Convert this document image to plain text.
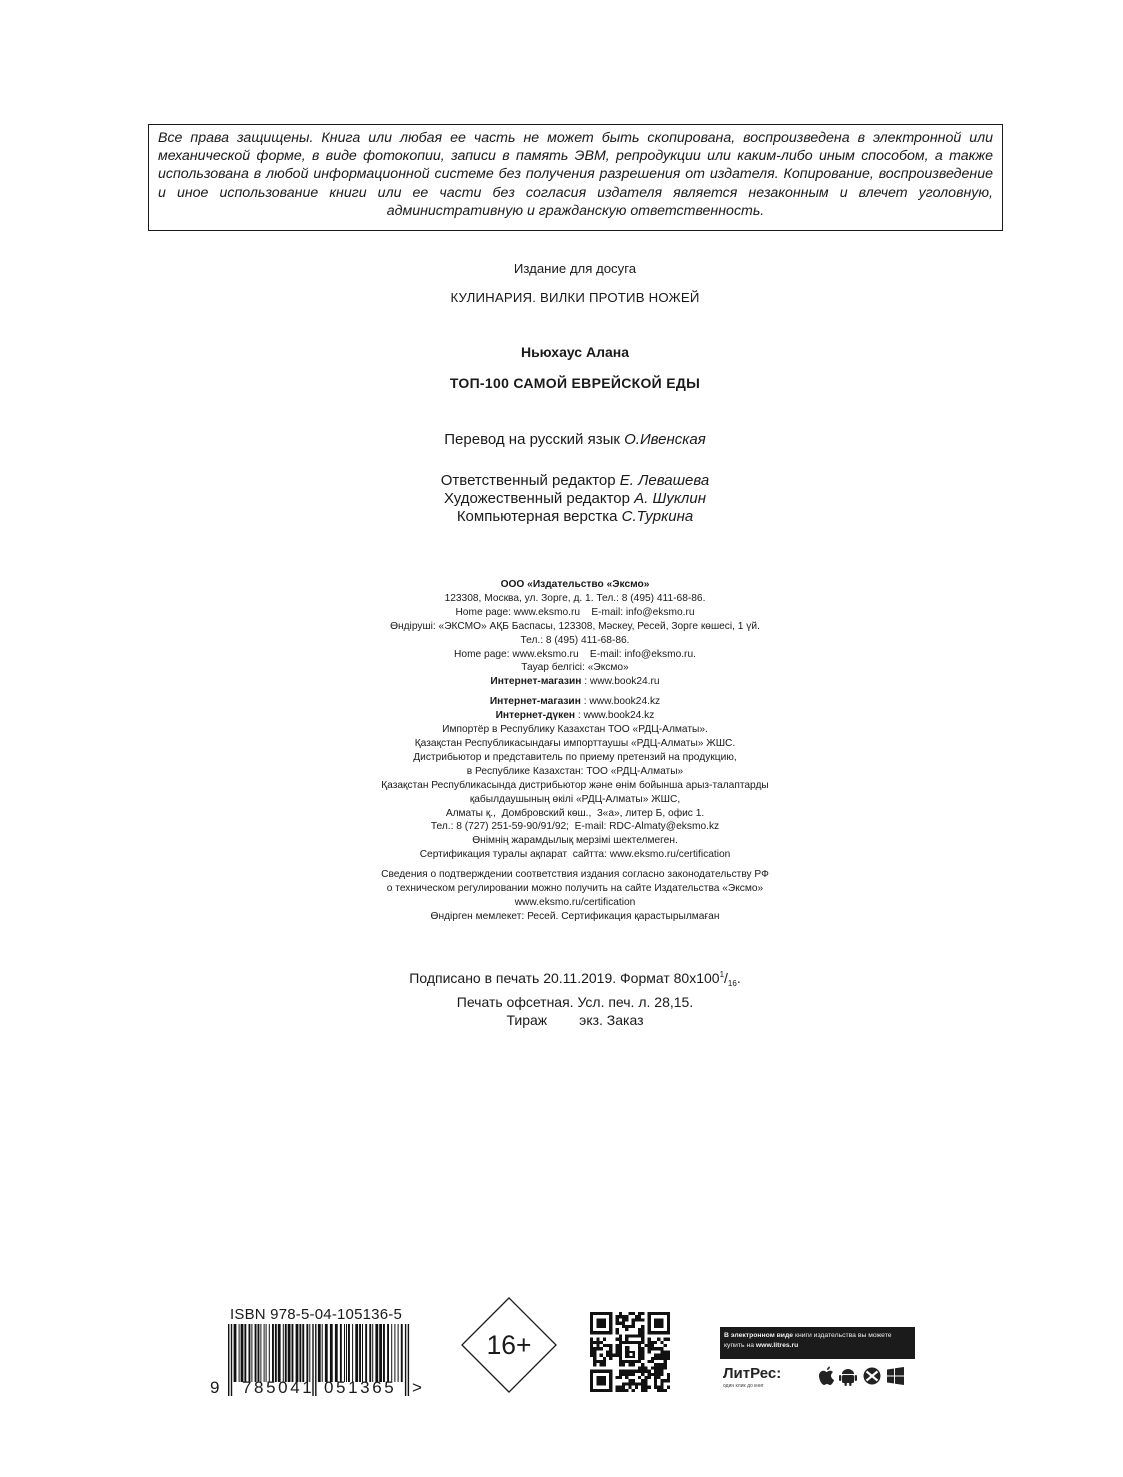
Все права защищены. Книга или любая ее часть не может быть скопирована, воспроизведена в электронной или механической форме, в виде фотокопии, записи в память ЭВМ, репродукции или каким-либо иным способом, а также использована в любой информационной системе без получения разрешения от издателя. Копирование, воспроизведение и иное использование книги или ее части без согласия издателя является незаконным и влечет уголовную, административную и гражданскую ответственность.
Издание для досуга
КУЛИНАРИЯ. ВИЛКИ ПРОТИВ НОЖЕЙ
Ньюхаус Алана
ТОП-100 САМОЙ ЕВРЕЙСКОЙ ЕДЫ
Перевод на русский язык О.Ивенская
Ответственный редактор Е. Левашева
Художественный редактор А. Шуклин
Компьютерная верстка С.Туркина
ООО «Издательство «Эксмо»
123308, Москва, ул. Зорге, д. 1. Тел.: 8 (495) 411-68-86.
Home page: www.eksmo.ru    E-mail: info@eksmo.ru
Өндіруші: «ЭКСМО» АҚБ Баспасы, 123308, Мәскеу, Ресей, Зорге көшесі, 1 үй.
Тел.: 8 (495) 411-68-86.
Home page: www.eksmo.ru    E-mail: info@eksmo.ru.
Тауар белгісі: «Эксмо»
Интернет-магазин : www.book24.ru
Интернет-магазин : www.book24.kz
Интернет-дүкен : www.book24.kz
Импортёр в Республику Казахстан ТОО «РДЦ-Алматы».
Қазақстан Республикасындағы импорттаушы «РДЦ-Алматы» ЖШС.
Дистрибьютор и представитель по приему претензий на продукцию,
в Республике Казахстан: ТОО «РДЦ-Алматы»
Қазақстан Республикасында дистрибьютор және өнім бойынша арыз-талаптарды
қабылдаушының өкілі «РДЦ-Алматы» ЖШС,
Алматы қ.,  Домбровский көш.,  3«а», литер Б, офис 1.
Тел.: 8 (727) 251-59-90/91/92;  E-mail: RDC-Almaty@eksmo.kz
Өнімнің жарамдылық мерзімі шектелмеген.
Сертификация туралы ақпарат  сайтта: www.eksmo.ru/certification
Сведения о подтверждении соответствия издания согласно законодательству РФ
о техническом регулировании можно получить на сайте Издательства «Эксмо»
www.eksmo.ru/certification
Өндірген мемлекет: Ресей. Сертификация қарастырылмаған
Подписано в печать 20.11.2019. Формат $80x100^1/_{16}$.
Печать офсетная. Усл. печ. л. 28,15.
Тираж экз. Заказ
ISBN 978-5-04-105136-5
9 785041 051365 >
16+	В электронном виде книги издательства вы можете купить на www.litres.ru
ЛитРес:
один клик до книг
